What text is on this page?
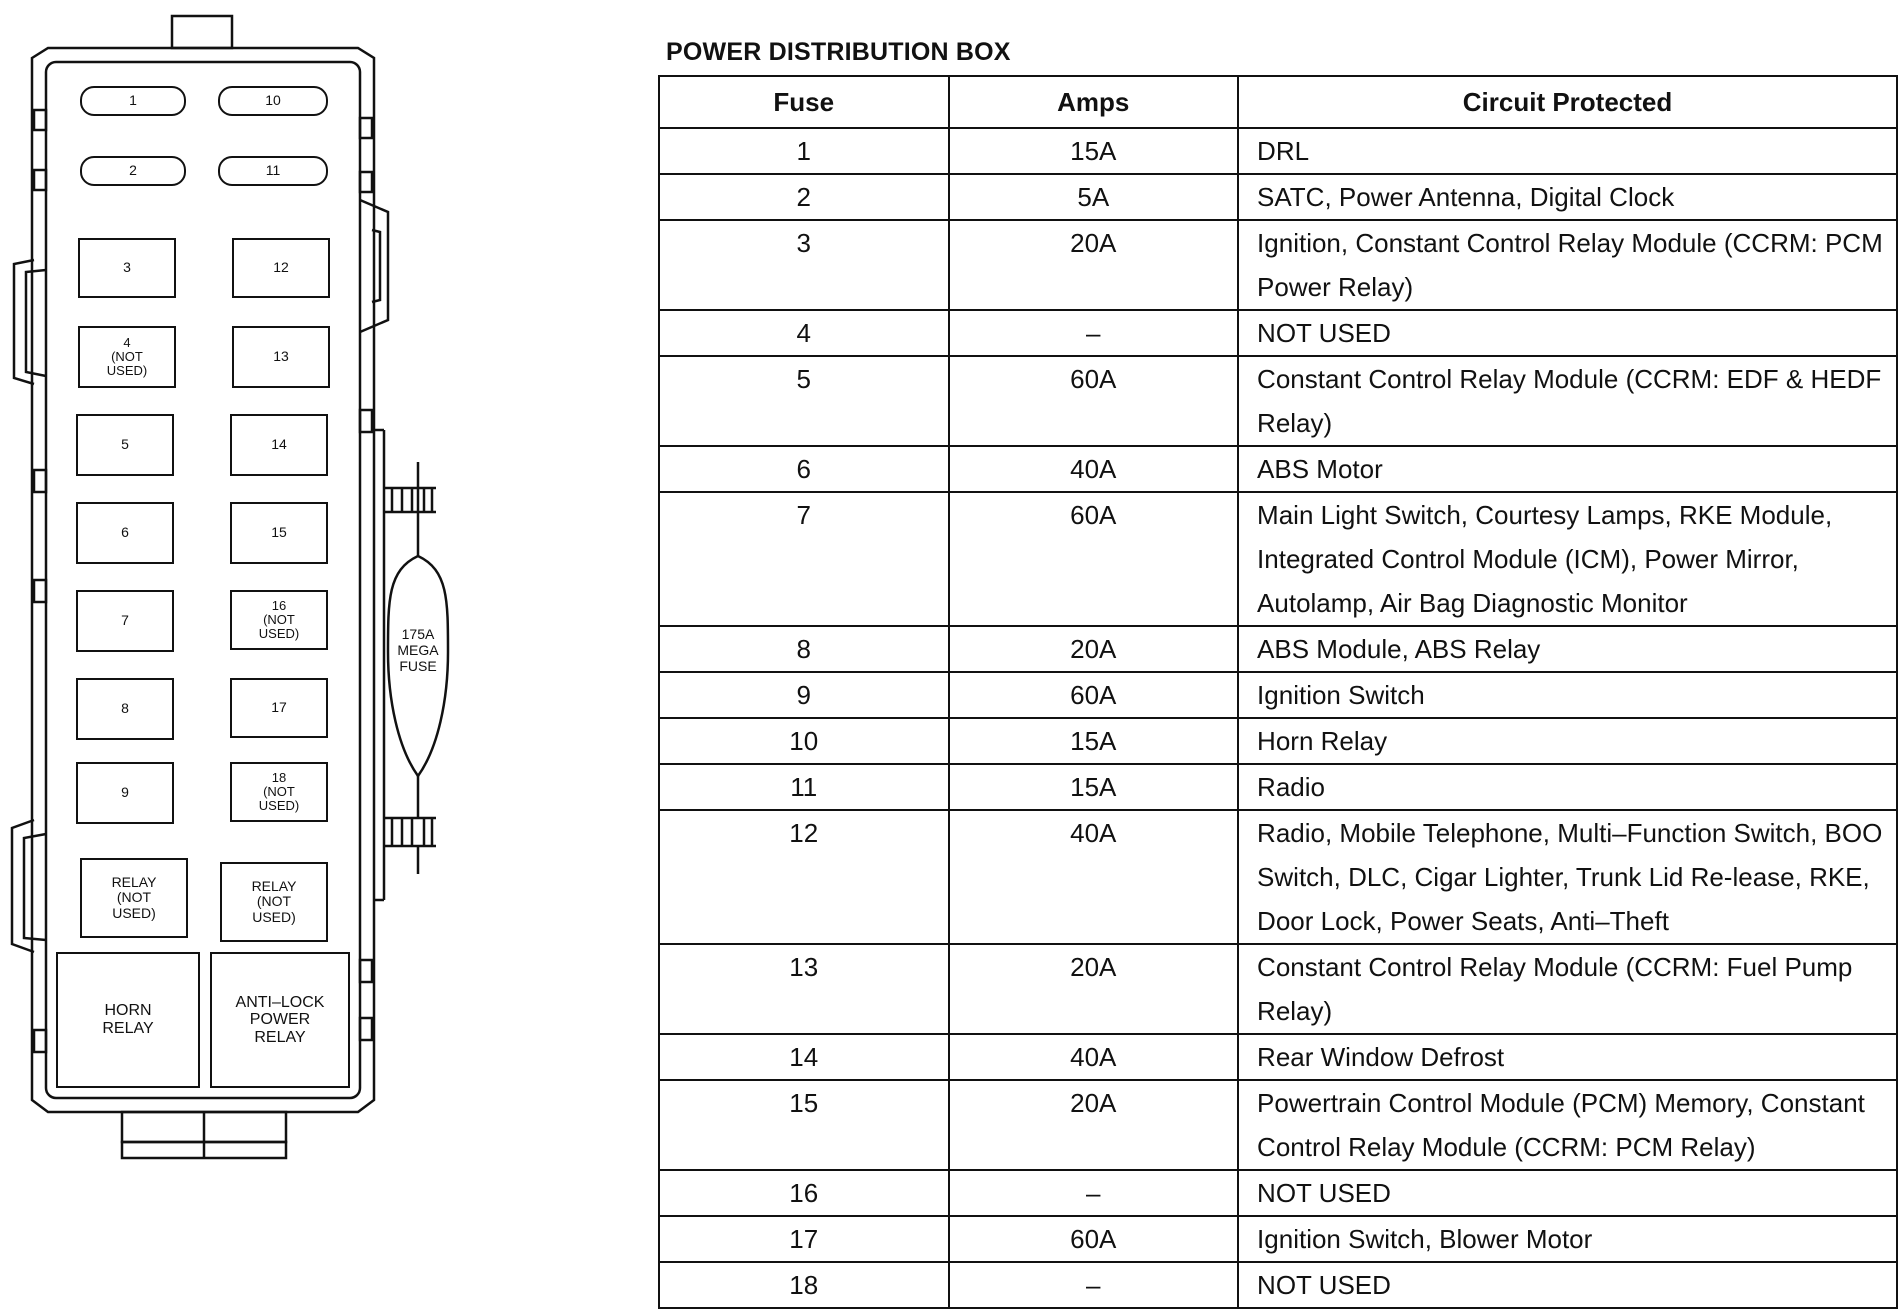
1	10
2	11
3
4
(NOT
USED)
5
6
7
8
9
12
13
14
15
16
(NOT
USED)
17
18
(NOT
USED)
RELAY
(NOT
USED)
RELAY
(NOT
USED)
HORN
RELAY
ANTI–LOCK
POWER
RELAY
175A
MEGA
FUSE
POWER DISTRIBUTION BOX
Fuse	Amps	Circuit Protected
1	15A	DRL
2	5A	SATC, Power Antenna, Digital Clock
3	20A	Ignition, Constant Control Relay Module (CCRM: PCM Power Relay)
4	–	NOT USED
5	60A	Constant Control Relay Module (CCRM: EDF & HEDF Relay)
6	40A	ABS Motor
7	60A	Main Light Switch, Courtesy Lamps, RKE Module, Integrated Control Module (ICM), Power Mirror, Autolamp, Air Bag Diagnostic Monitor
8	20A	ABS Module, ABS Relay
9	60A	Ignition Switch
10	15A	Horn Relay
11	15A	Radio
12	40A	Radio, Mobile Telephone, Multi–Function Switch, BOO Switch, DLC, Cigar Lighter, Trunk Lid Re-lease, RKE, Door Lock, Power Seats, Anti–Theft
13	20A	Constant Control Relay Module (CCRM: Fuel Pump Relay)
14	40A	Rear Window Defrost
15	20A	Powertrain Control Module (PCM) Memory, Constant Control Relay Module (CCRM: PCM Relay)
16	–	NOT USED
17	60A	Ignition Switch, Blower Motor
18	–	NOT USED
